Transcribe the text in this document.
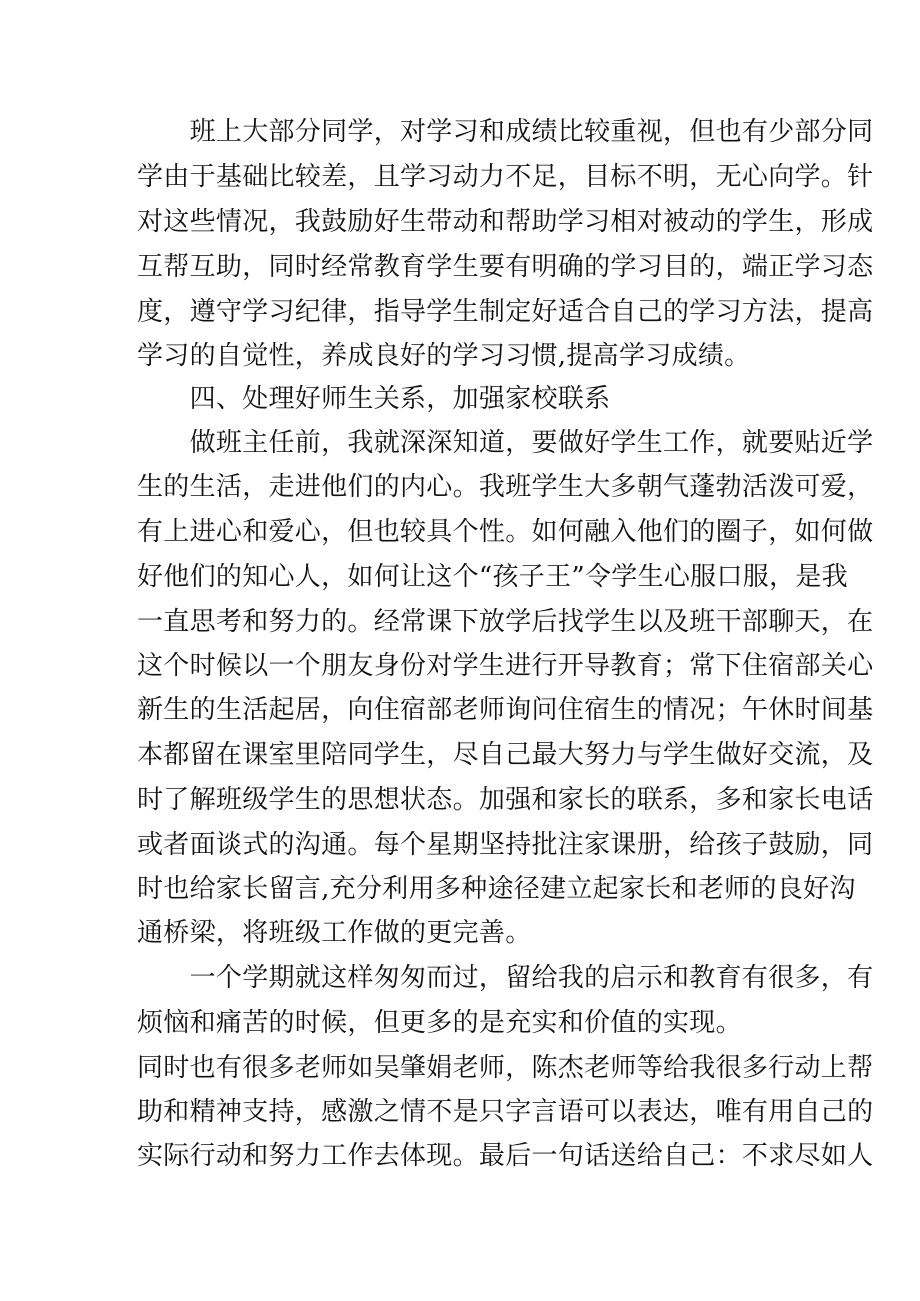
　　班上大部分同学，对学习和成绩比较重视，但也有少部分同
学由于基础比较差，且学习动力不足，目标不明，无心向学。针
对这些情况，我鼓励好生带动和帮助学习相对被动的学生，形成
互帮互助，同时经常教育学生要有明确的学习目的，端正学习态
度，遵守学习纪律，指导学生制定好适合自己的学习方法，提高
学习的自觉性，养成良好的学习习惯,提高学习成绩。
　　四、处理好师生关系，加强家校联系
　　做班主任前，我就深深知道，要做好学生工作，就要贴近学
生的生活，走进他们的内心。我班学生大多朝气蓬勃活泼可爱，
有上进心和爱心，但也较具个性。如何融入他们的圈子，如何做
好他们的知心人，如何让这个“孩子王”令学生心服口服，是我
一直思考和努力的。经常课下放学后找学生以及班干部聊天，在
这个时候以一个朋友身份对学生进行开导教育；常下住宿部关心
新生的生活起居，向住宿部老师询问住宿生的情况；午休时间基
本都留在课室里陪同学生，尽自己最大努力与学生做好交流，及
时了解班级学生的思想状态。加强和家长的联系，多和家长电话
或者面谈式的沟通。每个星期坚持批注家课册，给孩子鼓励，同
时也给家长留言,充分利用多种途径建立起家长和老师的良好沟
通桥梁，将班级工作做的更完善。
　　一个学期就这样匆匆而过，留给我的启示和教育有很多，有
烦恼和痛苦的时候，但更多的是充实和价值的实现。
同时也有很多老师如吴肇娟老师，陈杰老师等给我很多行动上帮
助和精神支持，感激之情不是只字言语可以表达，唯有用自己的
实际行动和努力工作去体现。最后一句话送给自己：不求尽如人
